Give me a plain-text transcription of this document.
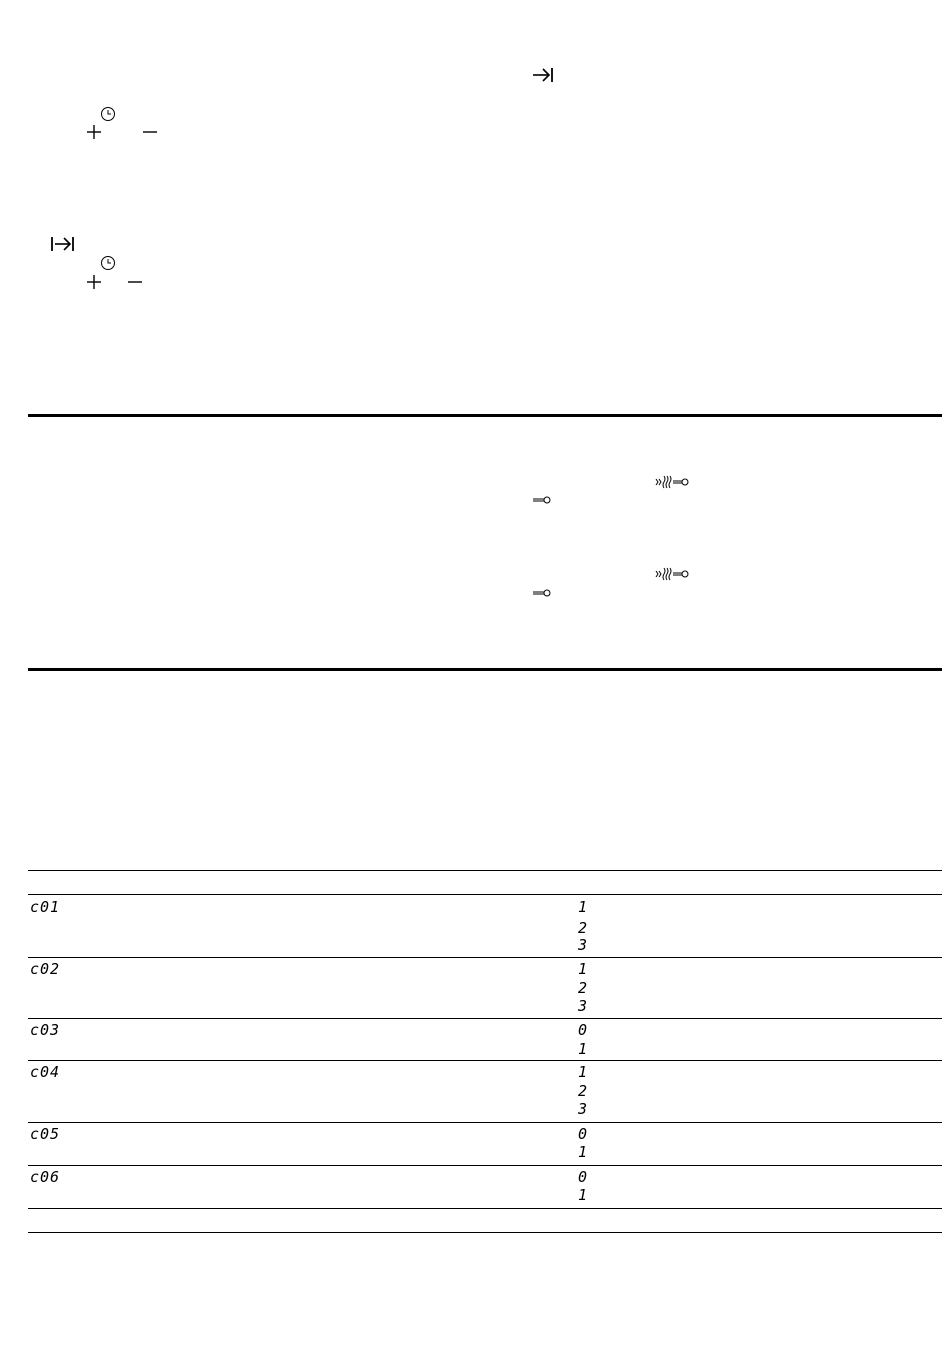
c01	1
2
3
c02	1
2
3
c03	0
1
c04	1
2
3
c05	0
1
c06	0
1
